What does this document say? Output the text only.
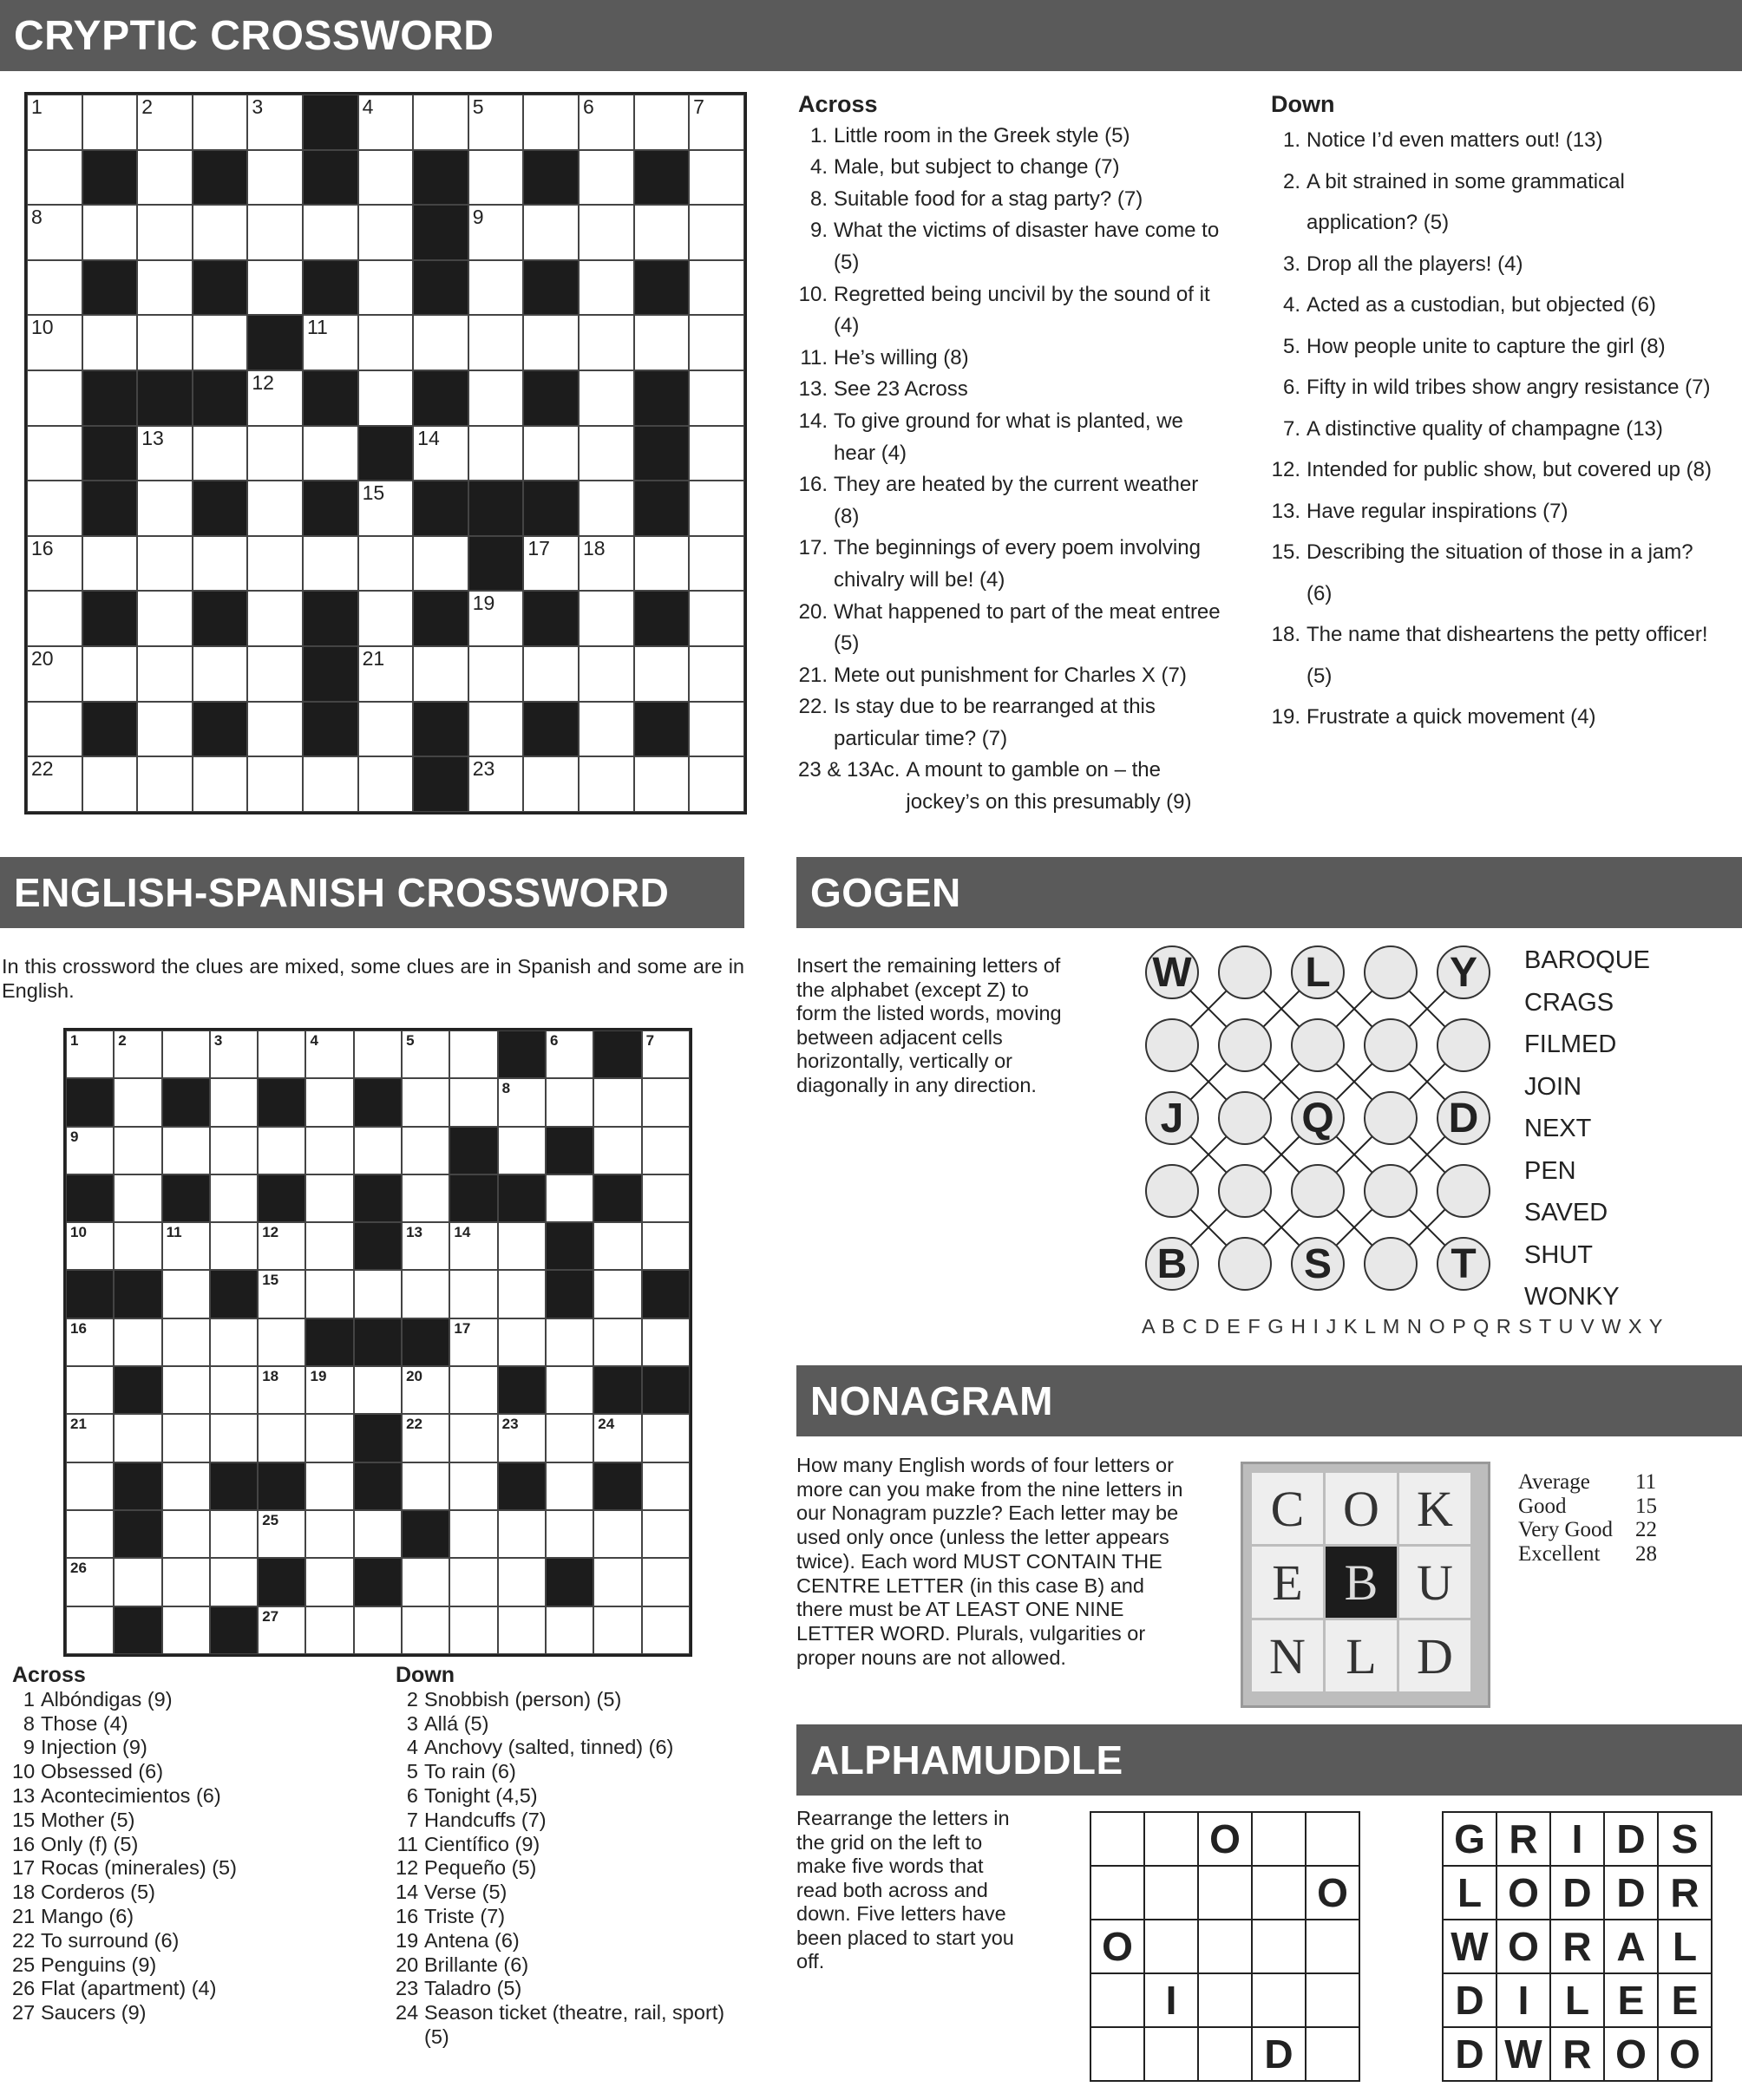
CRYPTIC CROSSWORD
1	2	3	4	5	6	7
8	9
10	11
12
13	14
15
16	17 18
19
20	21
22	23
Across
1. Little room in the Greek style (5)
4. Male, but subject to change (7)
8. Suitable food for a stag party? (7)
9. What the victims of disaster have come to (5)
10. Regretted being uncivil by the sound of it (4)
11. He’s willing (8)
13. See 23 Across
14. To give ground for what is planted, we hear (4)
16. They are heated by the current weather (8)
17. The beginnings of every poem involving chivalry will be! (4)
20. What happened to part of the meat entree (5)
21. Mete out punishment for Charles X (7)
22. Is stay due to be rearranged at this particular time? (7)
23 & 13Ac. A mount to gamble on – the jockey’s on this presumably (9)
Down
1. Notice I’d even matters out! (13)
2. A bit strained in some grammatical application? (5)
3. Drop all the players! (4)
4. Acted as a custodian, but objected (6)
5. How people unite to capture the girl (8)
6. Fifty in wild tribes show angry resistance (7)
7. A distinctive quality of champagne (13)
12. Intended for public show, but covered up (8)
13. Have regular inspirations (7)
15. Describing the situation of those in a jam? (6)
18. The name that disheartens the petty officer! (5)
19. Frustrate a quick movement (4)
ENGLISH-SPANISH CROSSWORD
In this crossword the clues are mixed, some clues are in Spanish and some are in English.
1	2	3	4	5	6	7
8
9
10	11	12	13 14
15
16	17
18 19	20
21	22	23	24
25
26
27
Across
1 Albóndigas (9)
8 Those (4)
9 Injection (9)
10 Obsessed (6)
13 Acontecimientos (6)
15 Mother (5)
16 Only (f) (5)
17 Rocas (minerales) (5)
18 Corderos (5)
21 Mango (6)
22 To surround (6)
25 Penguins (9)
26 Flat (apartment) (4)
27 Saucers (9)
Down
2 Snobbish (person) (5)
3 Allá (5)
4 Anchovy (salted, tinned) (6)
5 To rain (6)
6 Tonight (4,5)
7 Handcuffs (7)
11 Científico (9)
12 Pequeño (5)
14 Verse (5)
16 Triste (7)
19 Antena (6)
20 Brillante (6)
23 Taladro (5)
24 Season ticket (theatre, rail, sport) (5)
GOGEN
Insert the remaining letters of the alphabet (except Z) to form the listed words, moving between adjacent cells horizontally, vertically or diagonally in any direction.
W	L	Y
J	Q	D
B	S	T
BAROQUE
CRAGS
FILMED
JOIN
NEXT
PEN
SAVED
SHUT
WONKY
A B C D E F G H I J K L M N O P Q R S T U V W X Y
NONAGRAM
How many English words of four letters or more can you make from the nine letters in our Nonagram puzzle? Each letter may be used only once (unless the letter appears twice). Each word MUST CONTAIN THE CENTRE LETTER (in this case B) and there must be AT LEAST ONE NINE LETTER WORD. Plurals, vulgarities or proper nouns are not allowed.
C O K
E B U
N L D
Average	11
Good	15
Very Good	22
Excellent	28
ALPHAMUDDLE
Rearrange the letters in the grid on the left to make five words that read both across and down. Five letters have been placed to start you off.
O
O
O
I
D
G R I D S
L O D D R
W O R A L
D I L E E
D W R O O
